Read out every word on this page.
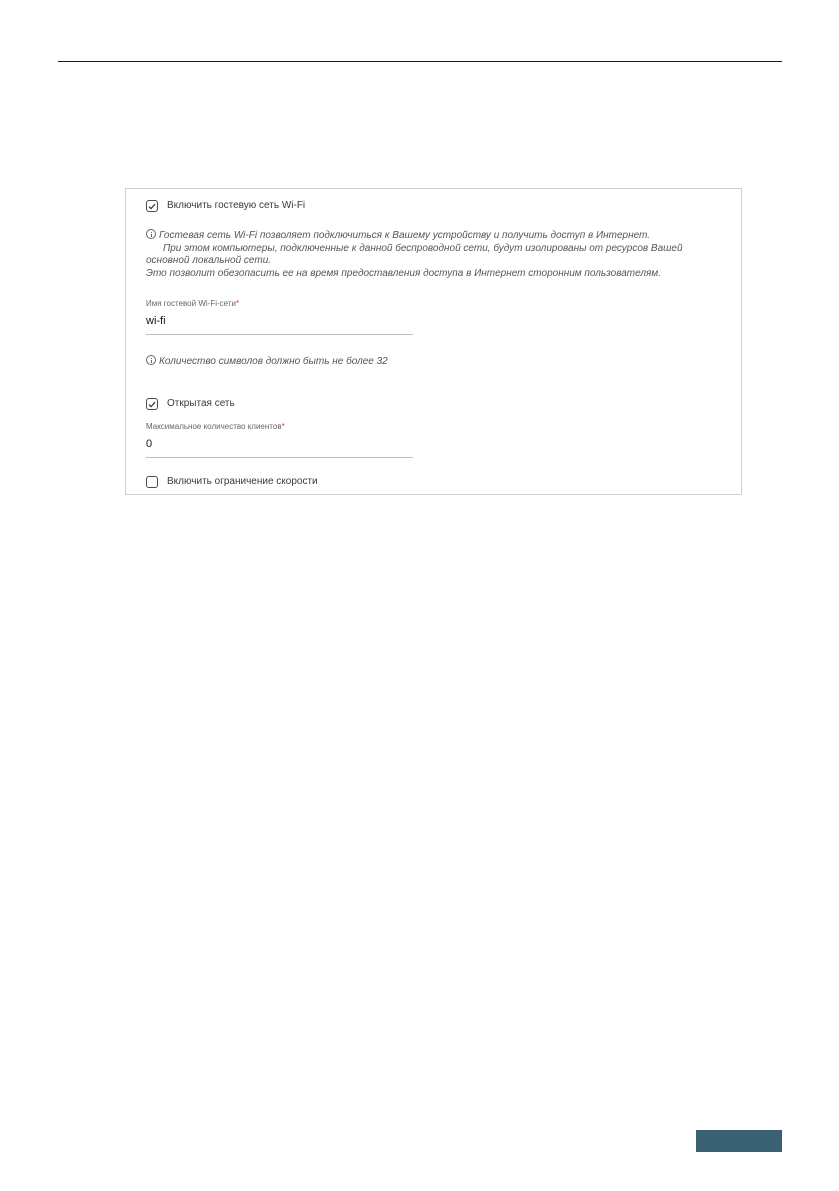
Включить гостевую сеть Wi-Fi
Гостевая сеть Wi-Fi позволяет подключиться к Вашему устройству и получить доступ в Интернет.
При этом компьютеры, подключенные к данной беспроводной сети, будут изолированы от ресурсов Вашей
основной локальной сети.
Это позволит обезопасить ее на время предоставления доступа в Интернет сторонним пользователям.
Имя гостевой Wi-Fi-сети*
wi-fi
Количество символов должно быть не более 32
Открытая сеть
Максимальное количество клиентов*
0
Включить ограничение скорости
